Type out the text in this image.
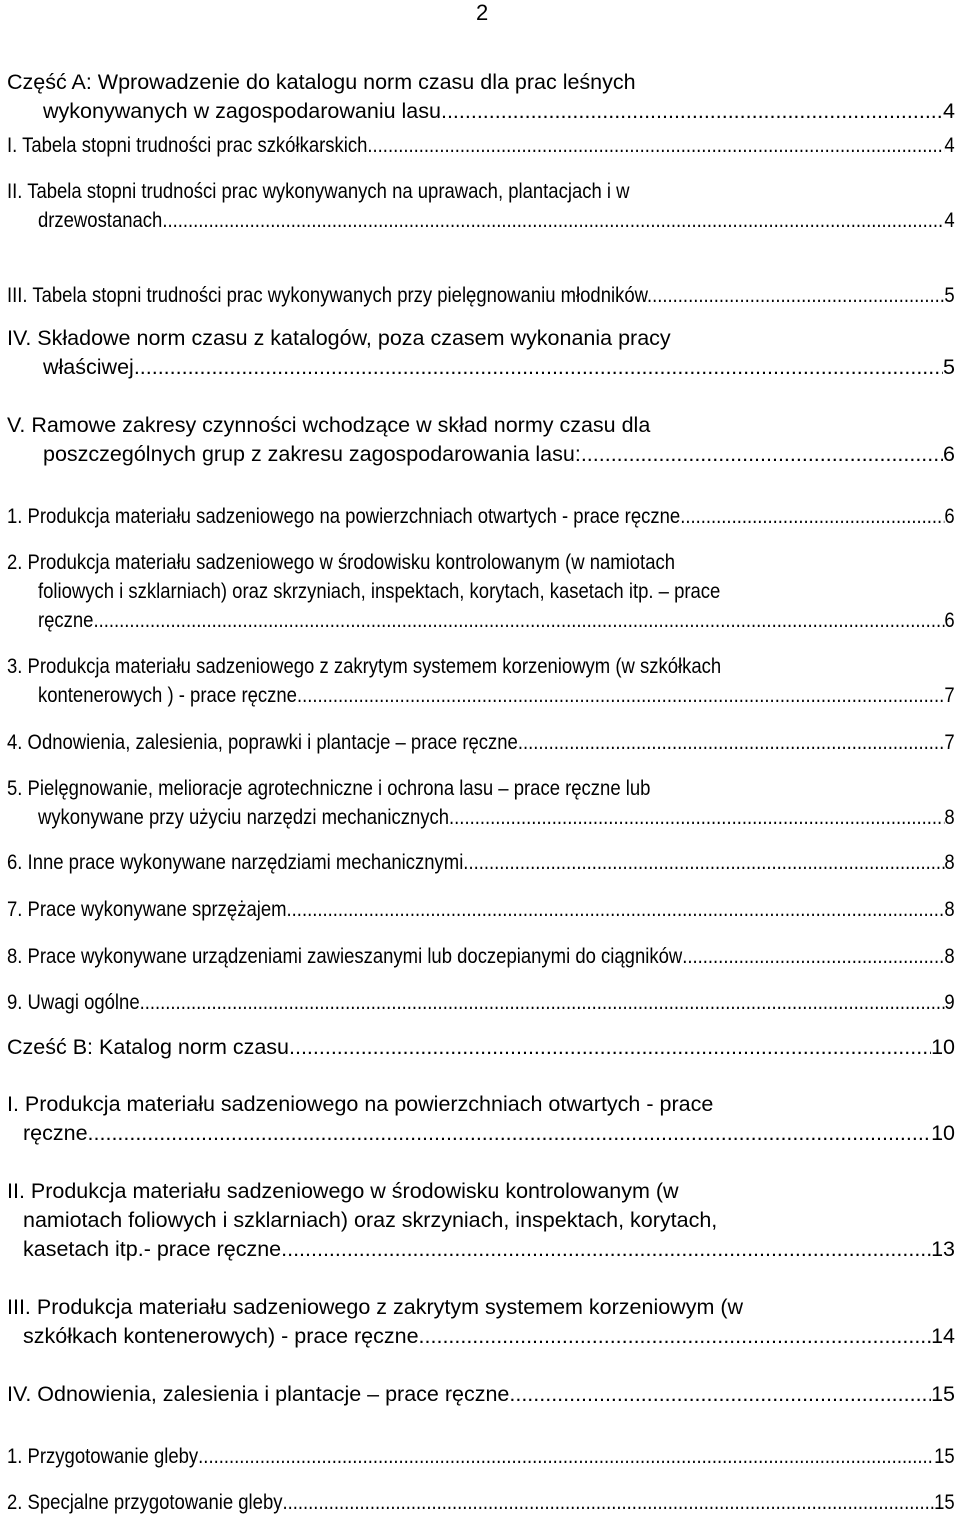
2
Część A: Wprowadzenie do katalogu norm czasu dla prac leśnych
wykonywanych w zagospodarowaniu lasu .....	4
I. Tabela stopni trudności prac szkółkarskich .....	4
II. Tabela stopni trudności prac wykonywanych na uprawach, plantacjach i w
drzewostanach .....	4
III. Tabela stopni trudności prac wykonywanych przy pielęgnowaniu młodników. .....	5
IV. Składowe norm czasu z katalogów, poza czasem wykonania pracy
właściwej .....	5
V. Ramowe zakresy czynności wchodzące w skład normy czasu dla
poszczególnych grup z zakresu zagospodarowania lasu: .....	6
1. Produkcja materiału sadzeniowego na powierzchniach otwartych - prace ręczne .....	6
2. Produkcja materiału sadzeniowego w środowisku kontrolowanym (w namiotach
foliowych i szklarniach) oraz skrzyniach, inspektach, korytach, kasetach itp. – prace
ręczne .....	6
3. Produkcja materiału sadzeniowego z zakrytym systemem korzeniowym (w szkółkach
kontenerowych ) - prace ręczne .....	7
4. Odnowienia, zalesienia, poprawki i plantacje – prace ręczne .....	7
5. Pielęgnowanie, melioracje agrotechniczne i ochrona lasu – prace ręczne lub
wykonywane przy użyciu narzędzi mechanicznych. .....	8
6. Inne prace wykonywane narzędziami mechanicznymi .....	8
7. Prace wykonywane sprzężajem .....	8
8. Prace wykonywane urządzeniami zawieszanymi lub doczepianymi do ciągników .....	8
9. Uwagi ogólne .....	9
Cześć B: Katalog norm czasu .....	10
I. Produkcja materiału sadzeniowego na powierzchniach otwartych - prace
ręczne .....	10
II. Produkcja materiału sadzeniowego w środowisku kontrolowanym (w
namiotach foliowych i szklarniach) oraz skrzyniach, inspektach, korytach,
kasetach itp.- prace ręczne .....	13
III. Produkcja materiału sadzeniowego z zakrytym systemem korzeniowym (w
szkółkach kontenerowych) - prace ręczne .....	14
IV. Odnowienia, zalesienia i plantacje – prace ręczne .....	15
1. Przygotowanie gleby .....	15
2. Specjalne przygotowanie gleby .....	15
